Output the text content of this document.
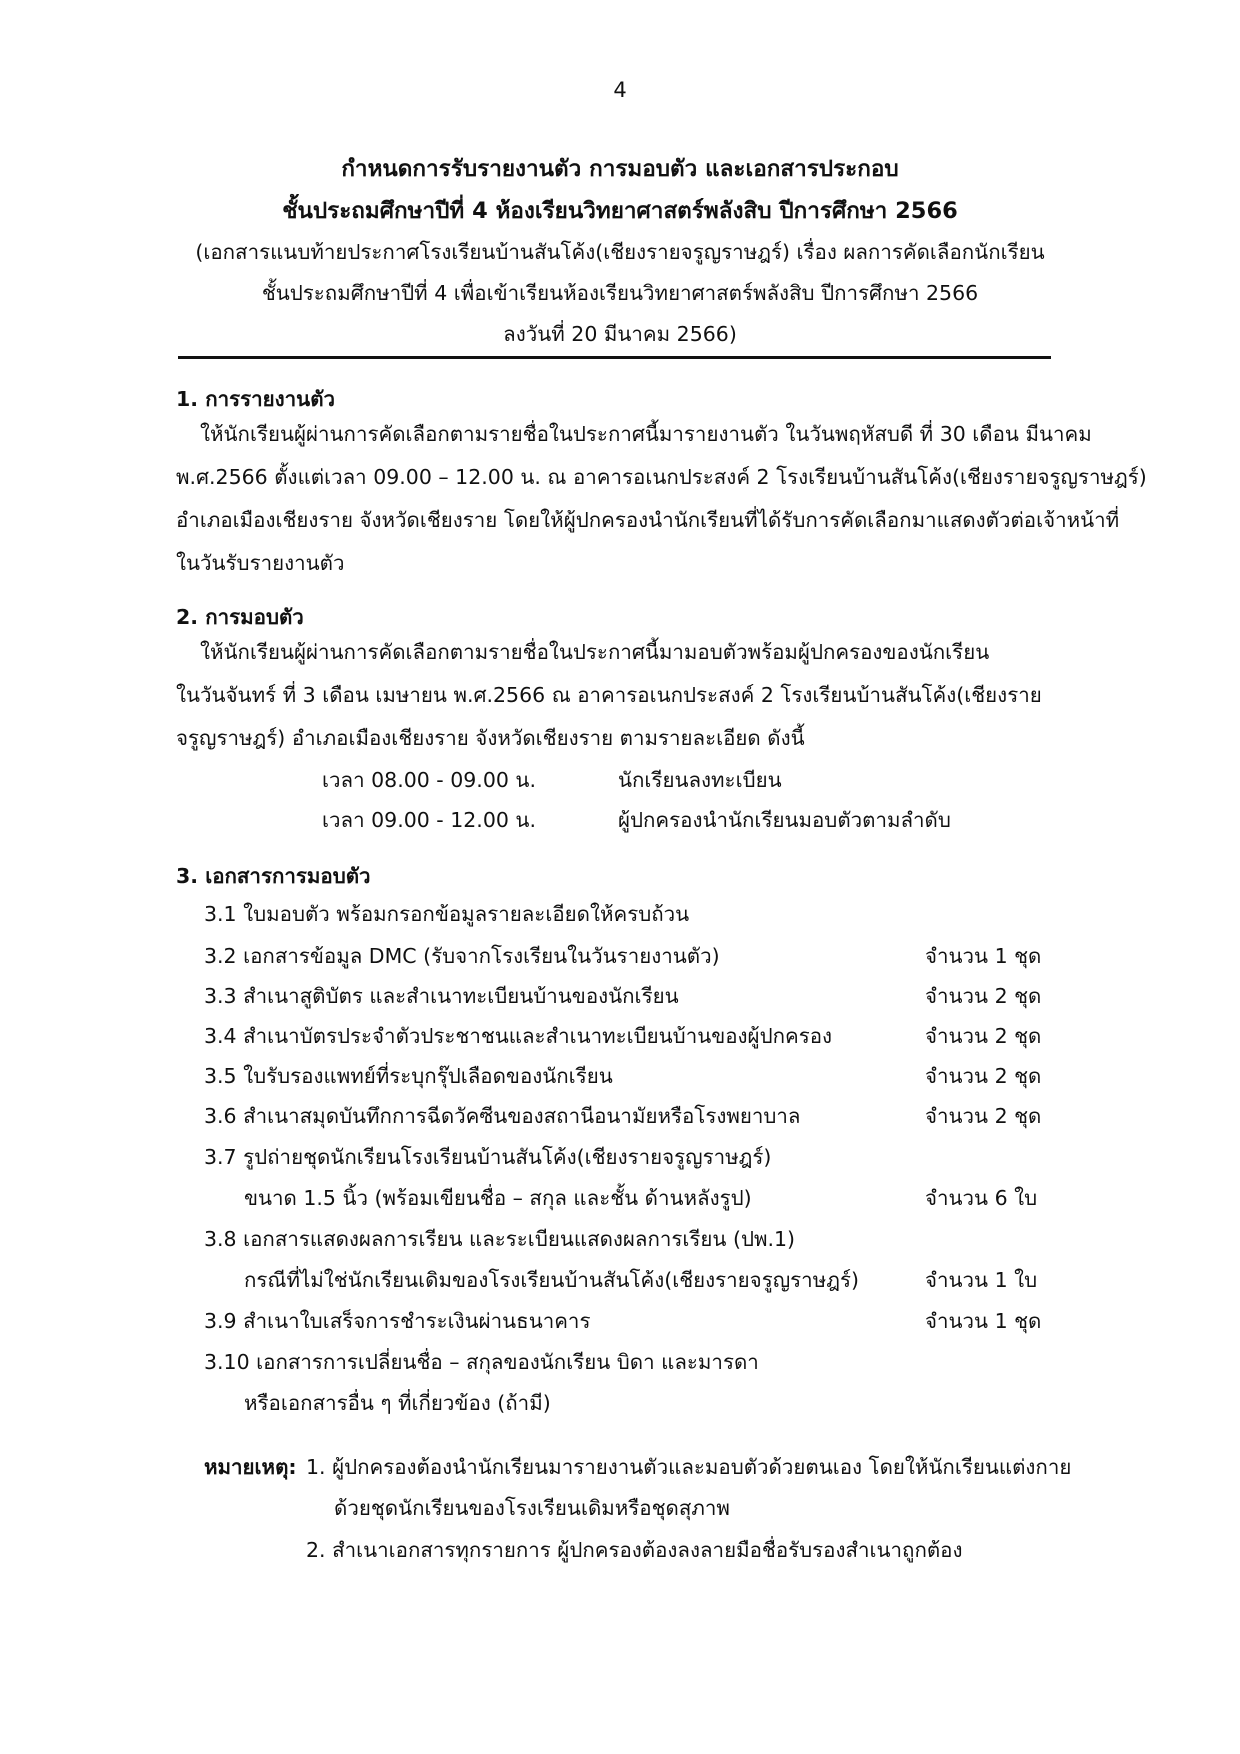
4
กำหนดการรับรายงานตัว การมอบตัว และเอกสารประกอบ
ชั้นประถมศึกษาปีที่ 4 ห้องเรียนวิทยาศาสตร์พลังสิบ ปีการศึกษา 2566
(เอกสารแนบท้ายประกาศโรงเรียนบ้านสันโค้ง(เชียงรายจรูญราษฎร์) เรื่อง ผลการคัดเลือกนักเรียน
ชั้นประถมศึกษาปีที่ 4 เพื่อเข้าเรียนห้องเรียนวิทยาศาสตร์พลังสิบ ปีการศึกษา 2566
ลงวันที่ 20 มีนาคม 2566)
1. การรายงานตัว
ให้นักเรียนผู้ผ่านการคัดเลือกตามรายชื่อในประกาศนี้มารายงานตัว ในวันพฤหัสบดี ที่ 30 เดือน มีนาคม
พ.ศ.2566 ตั้งแต่เวลา 09.00 – 12.00 น. ณ อาคารอเนกประสงค์ 2 โรงเรียนบ้านสันโค้ง(เชียงรายจรูญราษฎร์)
อำเภอเมืองเชียงราย จังหวัดเชียงราย โดยให้ผู้ปกครองนำนักเรียนที่ได้รับการคัดเลือกมาแสดงตัวต่อเจ้าหน้าที่
ในวันรับรายงานตัว
2. การมอบตัว
ให้นักเรียนผู้ผ่านการคัดเลือกตามรายชื่อในประกาศนี้มามอบตัวพร้อมผู้ปกครองของนักเรียน
ในวันจันทร์ ที่ 3 เดือน เมษายน พ.ศ.2566 ณ อาคารอเนกประสงค์ 2 โรงเรียนบ้านสันโค้ง(เชียงราย
จรูญราษฎร์) อำเภอเมืองเชียงราย จังหวัดเชียงราย ตามรายละเอียด ดังนี้
เวลา 08.00 - 09.00 น.	นักเรียนลงทะเบียน
เวลา 09.00 - 12.00 น.	ผู้ปกครองนำนักเรียนมอบตัวตามลำดับ
3. เอกสารการมอบตัว
3.1 ใบมอบตัว พร้อมกรอกข้อมูลรายละเอียดให้ครบถ้วน
3.2 เอกสารข้อมูล DMC (รับจากโรงเรียนในวันรายงานตัว)	จำนวน 1 ชุด
3.3 สำเนาสูติบัตร และสำเนาทะเบียนบ้านของนักเรียน	จำนวน 2 ชุด
3.4 สำเนาบัตรประจำตัวประชาชนและสำเนาทะเบียนบ้านของผู้ปกครอง	จำนวน 2 ชุด
3.5 ใบรับรองแพทย์ที่ระบุกรุ๊ปเลือดของนักเรียน	จำนวน 2 ชุด
3.6 สำเนาสมุดบันทึกการฉีดวัคซีนของสถานีอนามัยหรือโรงพยาบาล	จำนวน 2 ชุด
3.7 รูปถ่ายชุดนักเรียนโรงเรียนบ้านสันโค้ง(เชียงรายจรูญราษฎร์)
ขนาด 1.5 นิ้ว (พร้อมเขียนชื่อ – สกุล และชั้น ด้านหลังรูป)	จำนวน 6 ใบ
3.8 เอกสารแสดงผลการเรียน และระเบียนแสดงผลการเรียน (ปพ.1)
กรณีที่ไม่ใช่นักเรียนเดิมของโรงเรียนบ้านสันโค้ง(เชียงรายจรูญราษฎร์)	จำนวน 1 ใบ
3.9 สำเนาใบเสร็จการชำระเงินผ่านธนาคาร	จำนวน 1 ชุด
3.10 เอกสารการเปลี่ยนชื่อ – สกุลของนักเรียน บิดา และมารดา
หรือเอกสารอื่น ๆ ที่เกี่ยวข้อง (ถ้ามี)
หมายเหตุ: 1. ผู้ปกครองต้องนำนักเรียนมารายงานตัวและมอบตัวด้วยตนเอง โดยให้นักเรียนแต่งกาย
ด้วยชุดนักเรียนของโรงเรียนเดิมหรือชุดสุภาพ
2. สำเนาเอกสารทุกรายการ ผู้ปกครองต้องลงลายมือชื่อรับรองสำเนาถูกต้อง
